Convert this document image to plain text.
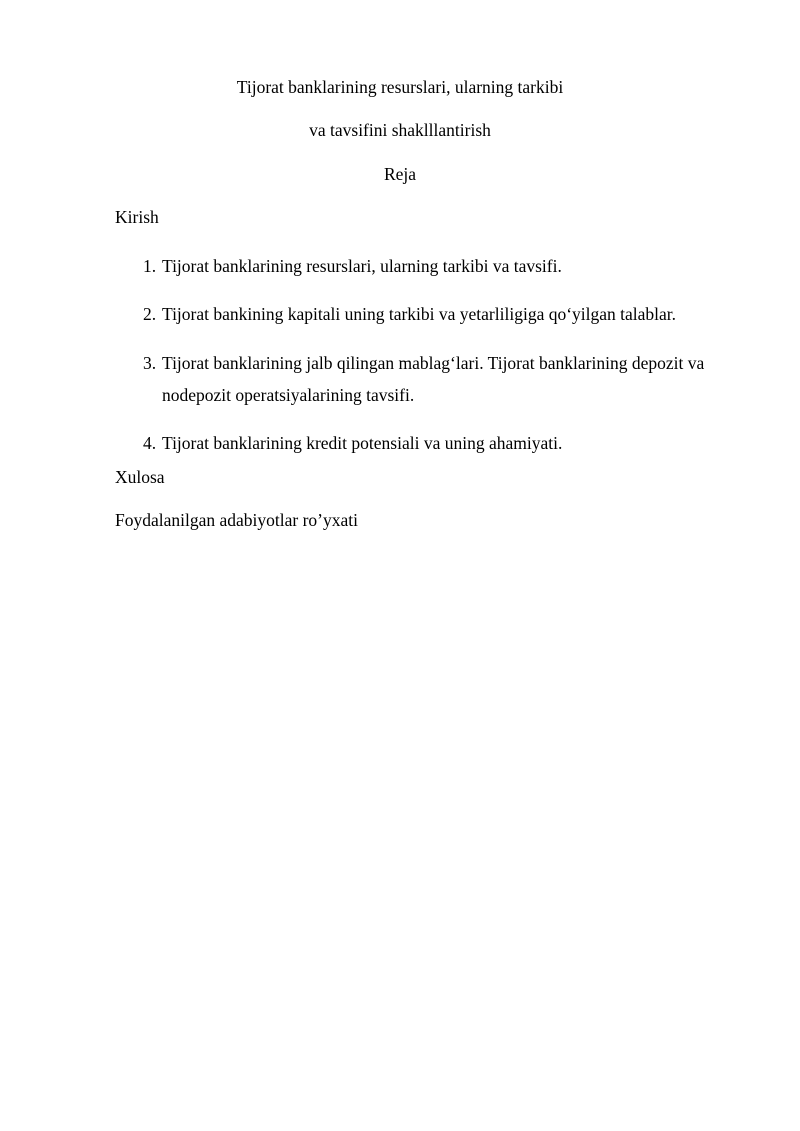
Tijorat banklarining resurslari, ularning tarkibi
va tavsifini shaklllantirish
Reja
Kirish
1. Tijorat banklarining resurslari, ularning tarkibi va tavsifi.
2. Tijorat bankining kapitali uning tarkibi va yetarliligiga qo‘yilgan talablar.
3. Tijorat banklarining jalb qilingan mablag‘lari. Tijorat banklarining depozit va nodepozit operatsiyalarining tavsifi.
4. Tijorat banklarining kredit potensiali va uning ahamiyati.
Xulosa
Foydalanilgan adabiyotlar ro’yxati
